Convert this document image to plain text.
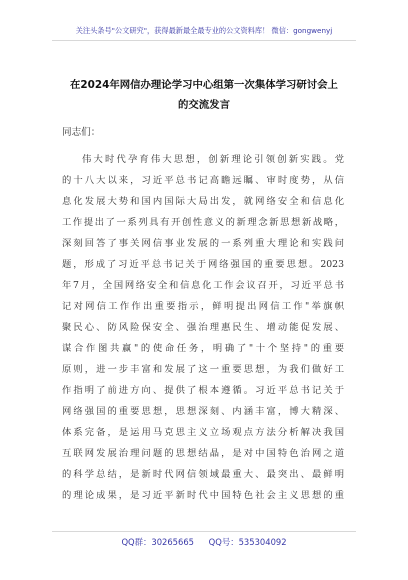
关注头条号"公文研究"，获得最新最全最专业的公文资料库！ 微信：gongwenyj
在2024年网信办理论学习中心组第一次集体学习研讨会上
的交流发言
同志们：
伟大时代孕育伟大思想，创新理论引领创新实践。党
的十八大以来，习近平总书记高瞻远瞩、审时度势，从信
息化发展大势和国内国际大局出发，就网络安全和信息化
工作提出了一系列具有开创性意义的新理念新思想新战略，
深刻回答了事关网信事业发展的一系列重大理论和实践问
题，形成了习近平总书记关于网络强国的重要思想。2023
年7月，全国网络安全和信息化工作会议召开，习近平总书
记对网信工作作出重要指示，鲜明提出网信工作"举旗帜
聚民心、防风险保安全、强治理惠民生、增动能促发展、
谋合作图共赢"的使命任务，明确了"十个坚持"的重要
原则，进一步丰富和发展了这一重要思想，为我们做好工
作指明了前进方向、提供了根本遵循。习近平总书记关于
网络强国的重要思想，思想深刻、内涵丰富，博大精深、
体系完备，是运用马克思主义立场观点方法分析解决我国
互联网发展治理问题的思想结晶，是对中国特色治网之道
的科学总结，是新时代网信领域最重大、最突出、最鲜明
的理论成果，是习近平新时代中国特色社会主义思想的重
QQ群：30265665 QQ号：535304092
